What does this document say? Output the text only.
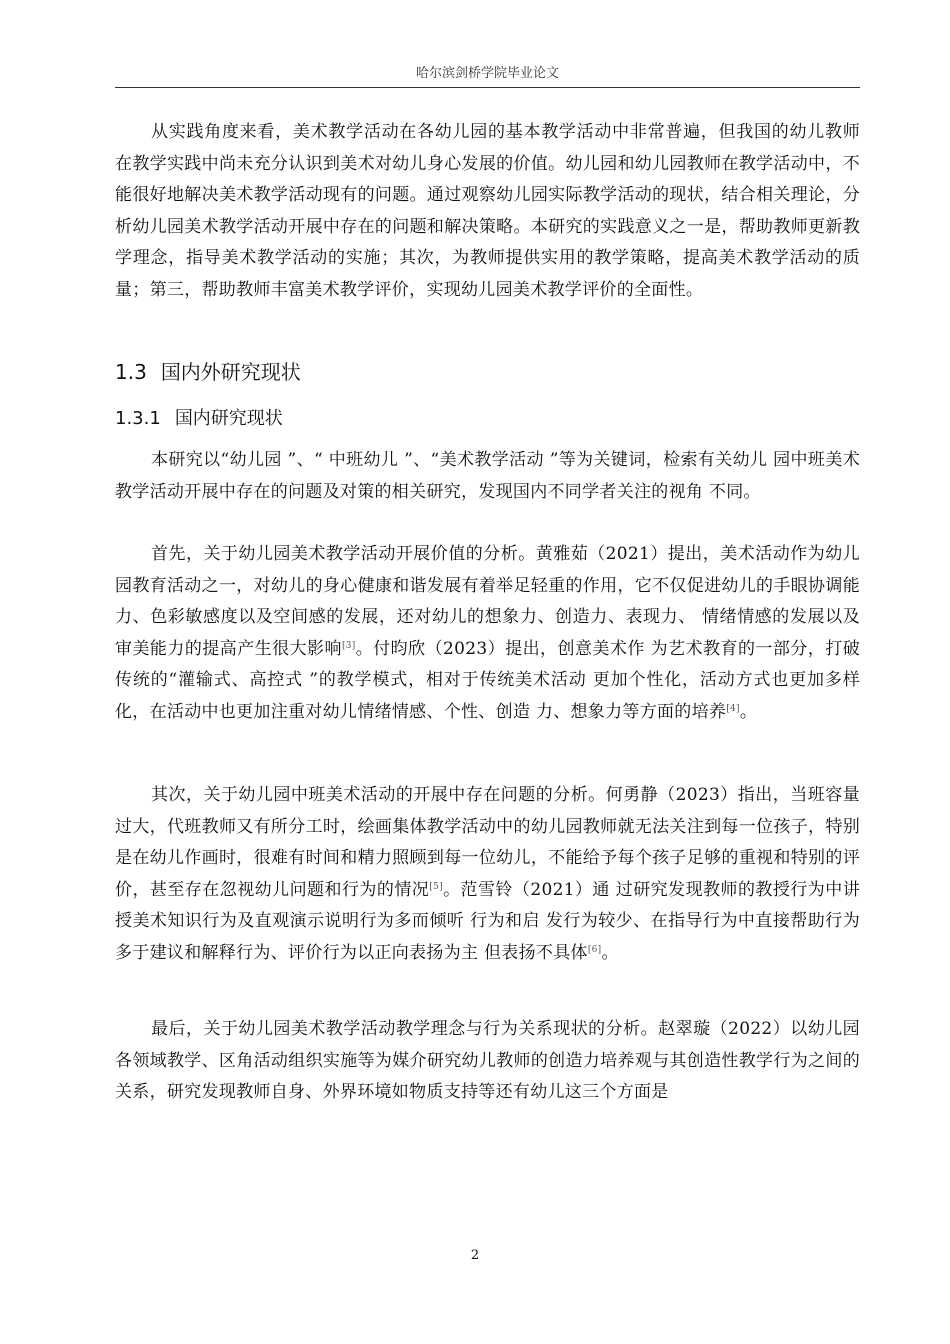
哈尔滨剑桥学院毕业论文

从实践角度来看，美术教学活动在各幼儿园的基本教学活动中非常普遍，但我国的幼儿教师在教学实践中尚未充分认识到美术对幼儿身心发展的价值。幼儿园和幼儿园教师在教学活动中，不能很好地解决美术教学活动现有的问题。通过观察幼儿园实际教学活动的现状，结合相关理论，分析幼儿园美术教学活动开展中存在的问题和解决策略。本研究的实践意义之一是，帮助教师更新教学理念，指导美术教学活动的实施；其次，为教师提供实用的教学策略，提高美术教学活动的质量；第三，帮助教师丰富美术教学评价，实现幼儿园美术教学评价的全面性。

1.3 国内外研究现状
1.3.1 国内研究现状

本研究以“幼儿园 ”、“ 中班幼儿 ”、“美术教学活动 ”等为关键词，检索有关幼儿 园中班美术教学活动开展中存在的问题及对策的相关研究，发现国内不同学者关注的视角 不同。

首先，关于幼儿园美术教学活动开展价值的分析。黄雅茹（2021）提出，美术活动作为幼儿园教育活动之一，对幼儿的身心健康和谐发展有着举足轻重的作用，它不仅促进幼儿的手眼协调能力、色彩敏感度以及空间感的发展，还对幼儿的想象力、创造力、表现力、 情绪情感的发展以及审美能力的提高产生很大影响[3]。付昀欣（2023）提出，创意美术作 为艺术教育的一部分，打破传统的“灌输式、高控式 ”的教学模式，相对于传统美术活动 更加个性化，活动方式也更加多样化，在活动中也更加注重对幼儿情绪情感、个性、创造 力、想象力等方面的培养[4]。

其次，关于幼儿园中班美术活动的开展中存在问题的分析。何勇静（2023）指出，当班容量过大，代班教师又有所分工时，绘画集体教学活动中的幼儿园教师就无法关注到每一位孩子，特别是在幼儿作画时，很难有时间和精力照顾到每一位幼儿，不能给予每个孩子足够的重视和特别的评价，甚至存在忽视幼儿问题和行为的情况[5]。范雪铃（2021）通 过研究发现教师的教授行为中讲授美术知识行为及直观演示说明行为多而倾听 行为和启 发行为较少、在指导行为中直接帮助行为多于建议和解释行为、评价行为以正向表扬为主 但表扬不具体[6]。

最后，关于幼儿园美术教学活动教学理念与行为关系现状的分析。赵翠璇（2022）以幼儿园各领域教学、区角活动组织实施等为媒介研究幼儿教师的创造力培养观与其创造性教学行为之间的关系，研究发现教师自身、外界环境如物质支持等还有幼儿这三个方面是

2
